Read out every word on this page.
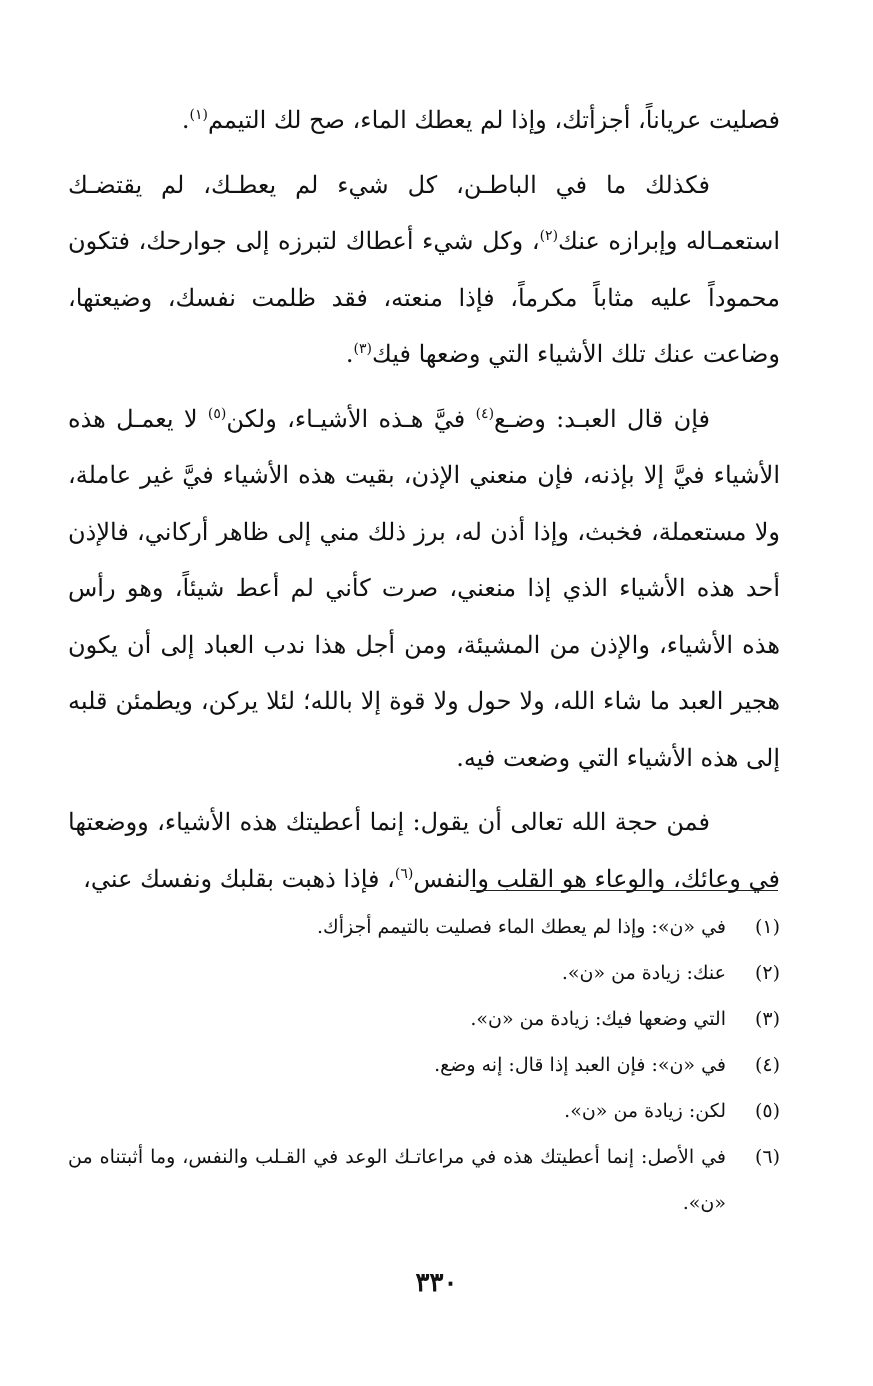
فصليت عرياناً، أجزأتك، وإذا لم يعطك الماء، صح لك التيمم$^{(١)}$.

فكذلك ما في الباطـن، كل شيء لم يعطـك، لم يقتضـك استعمـاله وإبرازه عنك$^{(٢)}$، وكل شيء أعطاك لتبرزه إلى جوارحك، فتكون محموداً عليه مثاباً مكرماً، فإذا منعته، فقد ظلمت نفسك، وضيعتها، وضاعت عنك تلك الأشياء التي وضعها فيك$^{(٣)}$.

فإن قال العبـد: وضـع$^{(٤)}$ فيَّ هـذه الأشيـاء، ولكن$^{(٥)}$ لا يعمـل هذه الأشياء فيَّ إلا بإذنه، فإن منعني الإذن، بقيت هذه الأشياء فيَّ غير عاملة، ولا مستعملة، فخبث، وإذا أذن له، برز ذلك مني إلى ظاهر أركاني، فالإذن أحد هذه الأشياء الذي إذا منعني، صرت كأني لم أعط شيئاً، وهو رأس هذه الأشياء، والإذن من المشيئة، ومن أجل هذا ندب العباد إلى أن يكون هجير العبد ما شاء الله، ولا حول ولا قوة إلا بالله؛ لئلا يركن، ويطمئن قلبه إلى هذه الأشياء التي وضعت فيه.

فمن حجة الله تعالى أن يقول: إنما أعطيتك هذه الأشياء، ووضعتها في وعائك، والوعاء هو القلب والنفس$^{(٦)}$، فإذا ذهبت بقلبك ونفسك عني،

(١)
في «ن»: وإذا لم يعطك الماء فصليت بالتيمم أجزأك.
(٢)
عنك: زيادة من «ن».
(٣)
التي وضعها فيك: زيادة من «ن».
(٤)
في «ن»: فإن العبد إذا قال: إنه وضع.
(٥)
لكن: زيادة من «ن».
(٦)
في الأصل: إنما أعطيتك هذه في مراعاتـك الوعد في القـلب والنفس، وما أثبتناه من «ن».
٣٣٠
